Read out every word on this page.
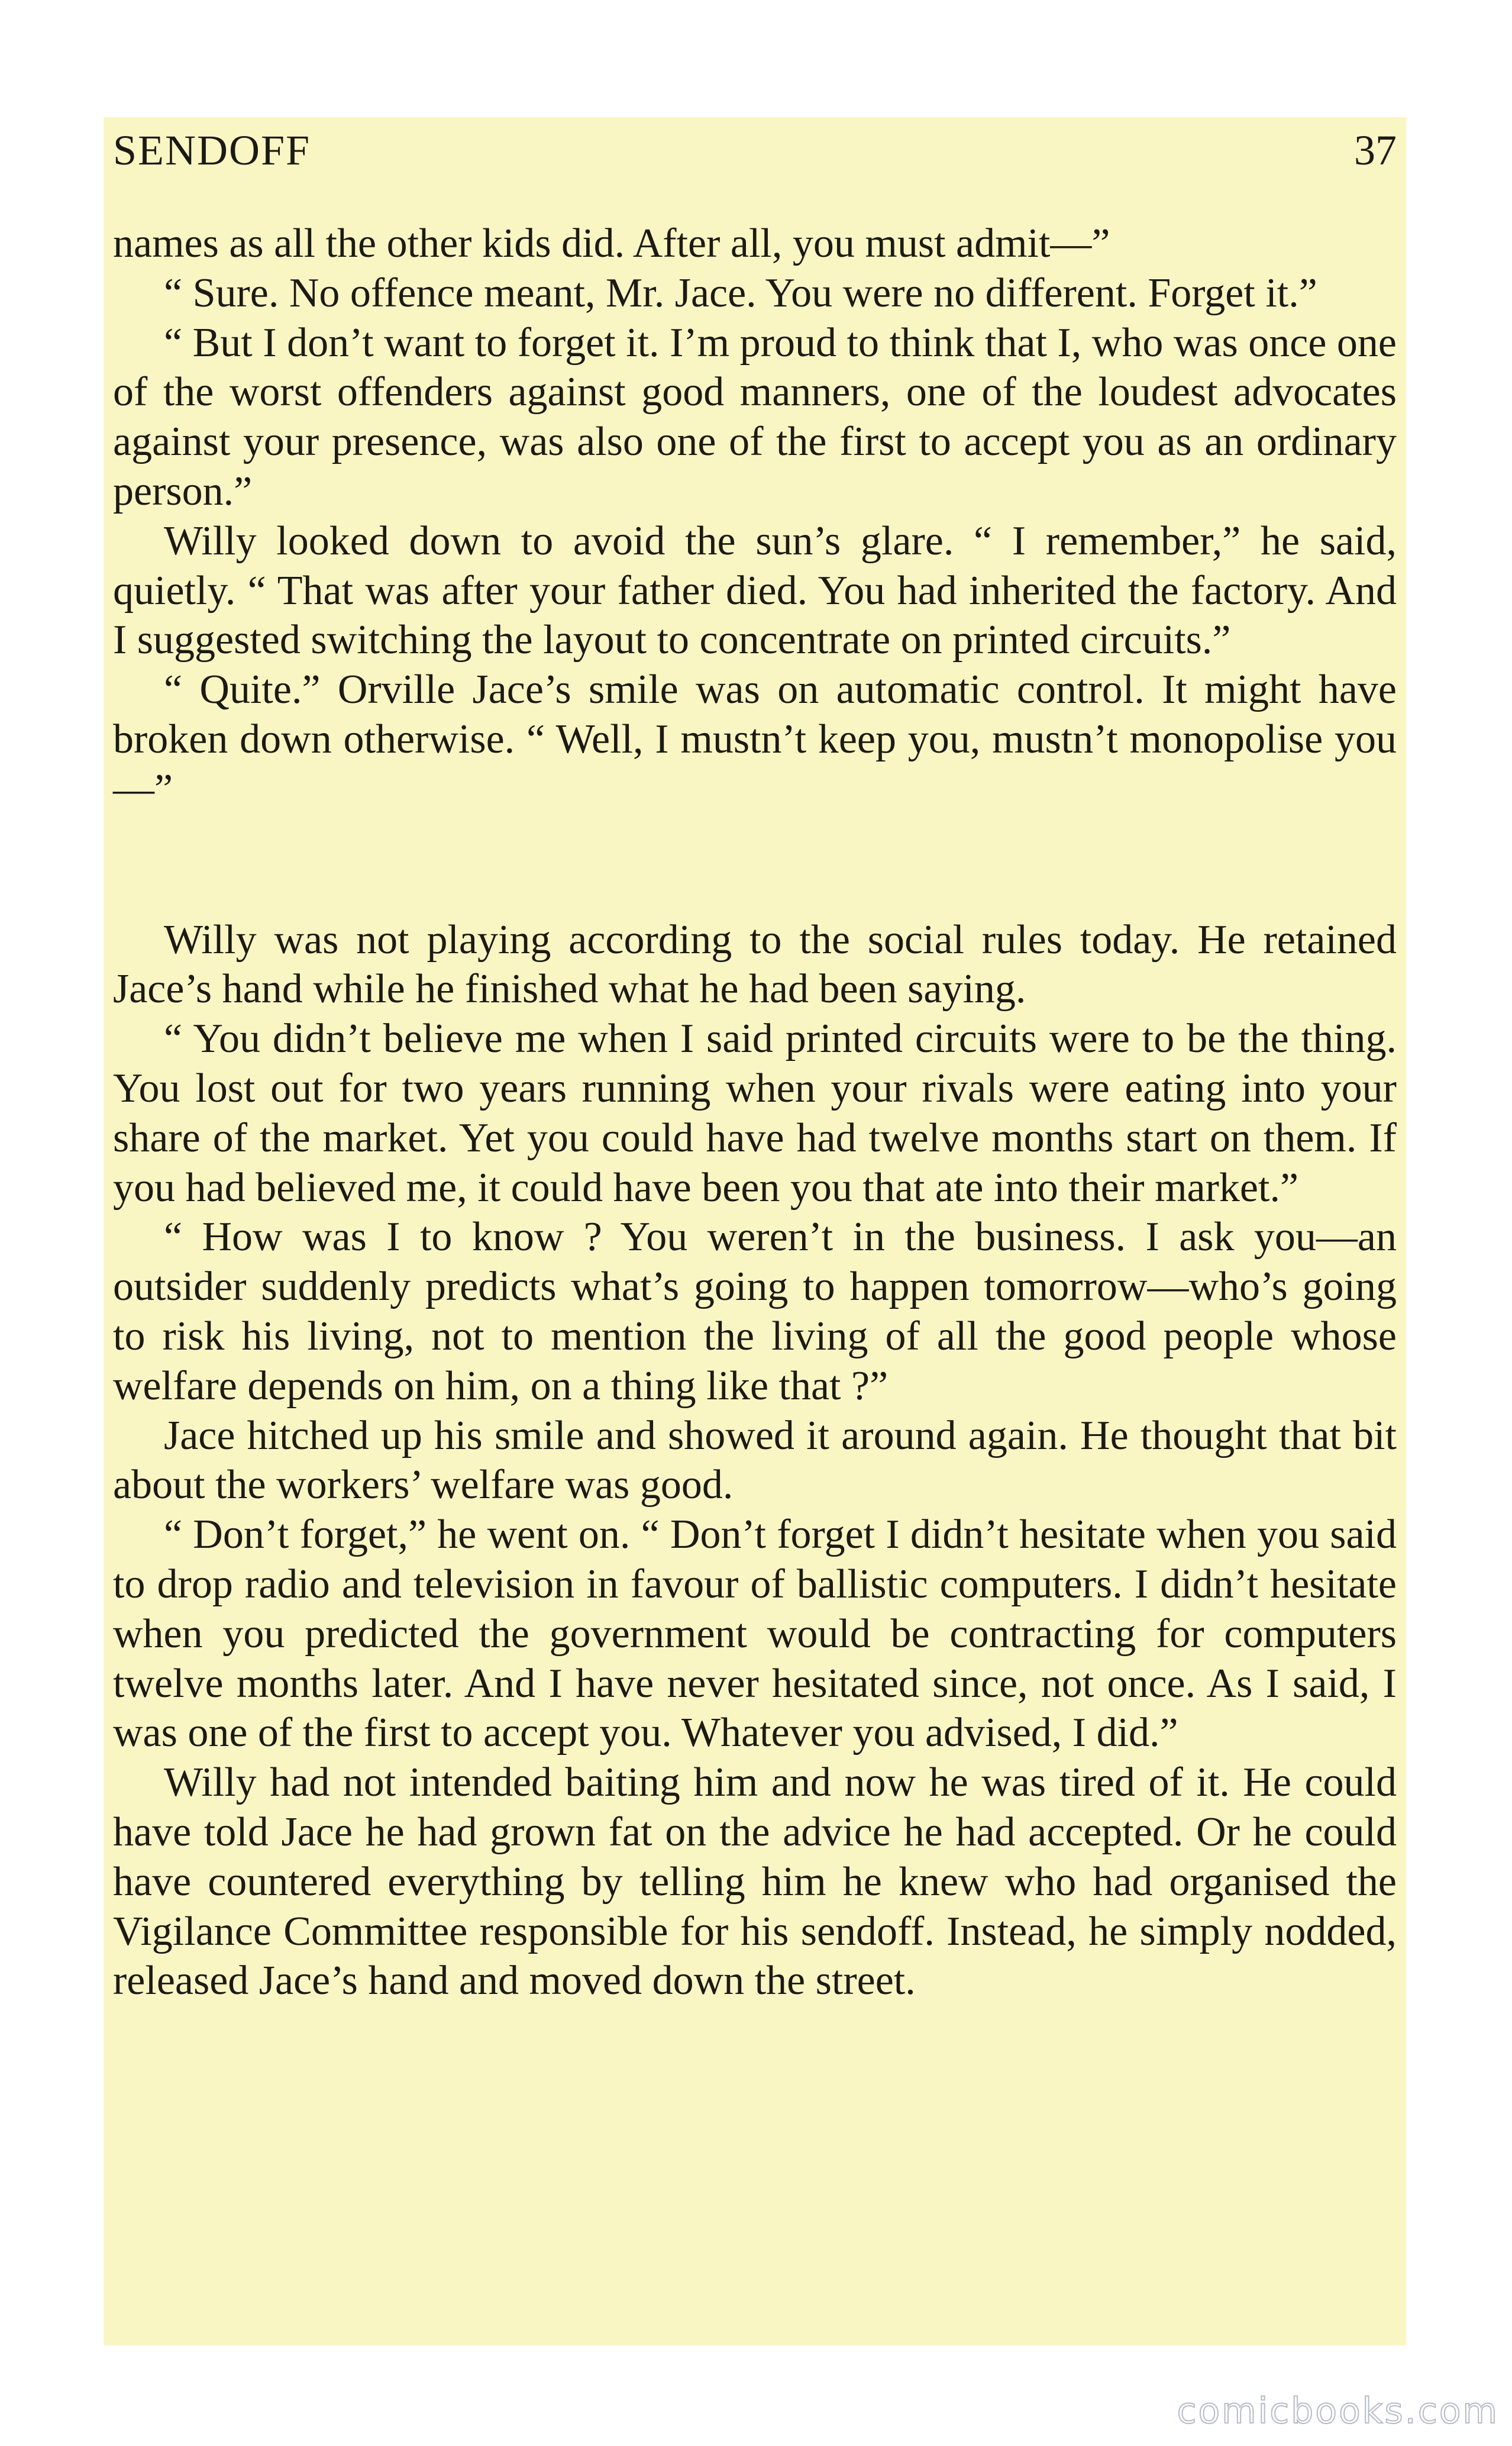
SENDOFF	37

names as all the other kids did. After all, you must admit—”

“ Sure. No offence meant, Mr. Jace. You were no different. Forget it.”

“ But I don’t want to forget it. I’m proud to think that I, who was once one of the worst offenders against good manners, one of the loudest advocates against your presence, was also one of the first to accept you as an ordinary person.”

Willy looked down to avoid the sun’s glare. “ I remember,” he said, quietly. “ That was after your father died. You had inherited the factory. And I suggested switching the layout to concentrate on printed circuits.”

“ Quite.” Orville Jace’s smile was on automatic control. It might have broken down otherwise. “ Well, I mustn’t keep you, mustn’t monopolise you—”

Willy was not playing according to the social rules today. He retained Jace’s hand while he finished what he had been saying.

“ You didn’t believe me when I said printed circuits were to be the thing. You lost out for two years running when your rivals were eating into your share of the market. Yet you could have had twelve months start on them. If you had believed me, it could have been you that ate into their market.”

“ How was I to know ? You weren’t in the business. I ask you—an outsider suddenly predicts what’s going to happen tomorrow—who’s going to risk his living, not to mention the living of all the good people whose welfare depends on him, on a thing like that ?”

Jace hitched up his smile and showed it around again. He thought that bit about the workers’ welfare was good.

“ Don’t forget,” he went on. “ Don’t forget I didn’t hesitate when you said to drop radio and television in favour of ballistic computers. I didn’t hesitate when you predicted the government would be contracting for computers twelve months later. And I have never hesitated since, not once. As I said, I was one of the first to accept you. Whatever you advised, I did.”

Willy had not intended baiting him and now he was tired of it. He could have told Jace he had grown fat on the advice he had accepted. Or he could have countered everything by telling him he knew who had organised the Vigilance Committee responsible for his sendoff. Instead, he simply nodded, released Jace’s hand and moved down the street.

comicbooks.com
